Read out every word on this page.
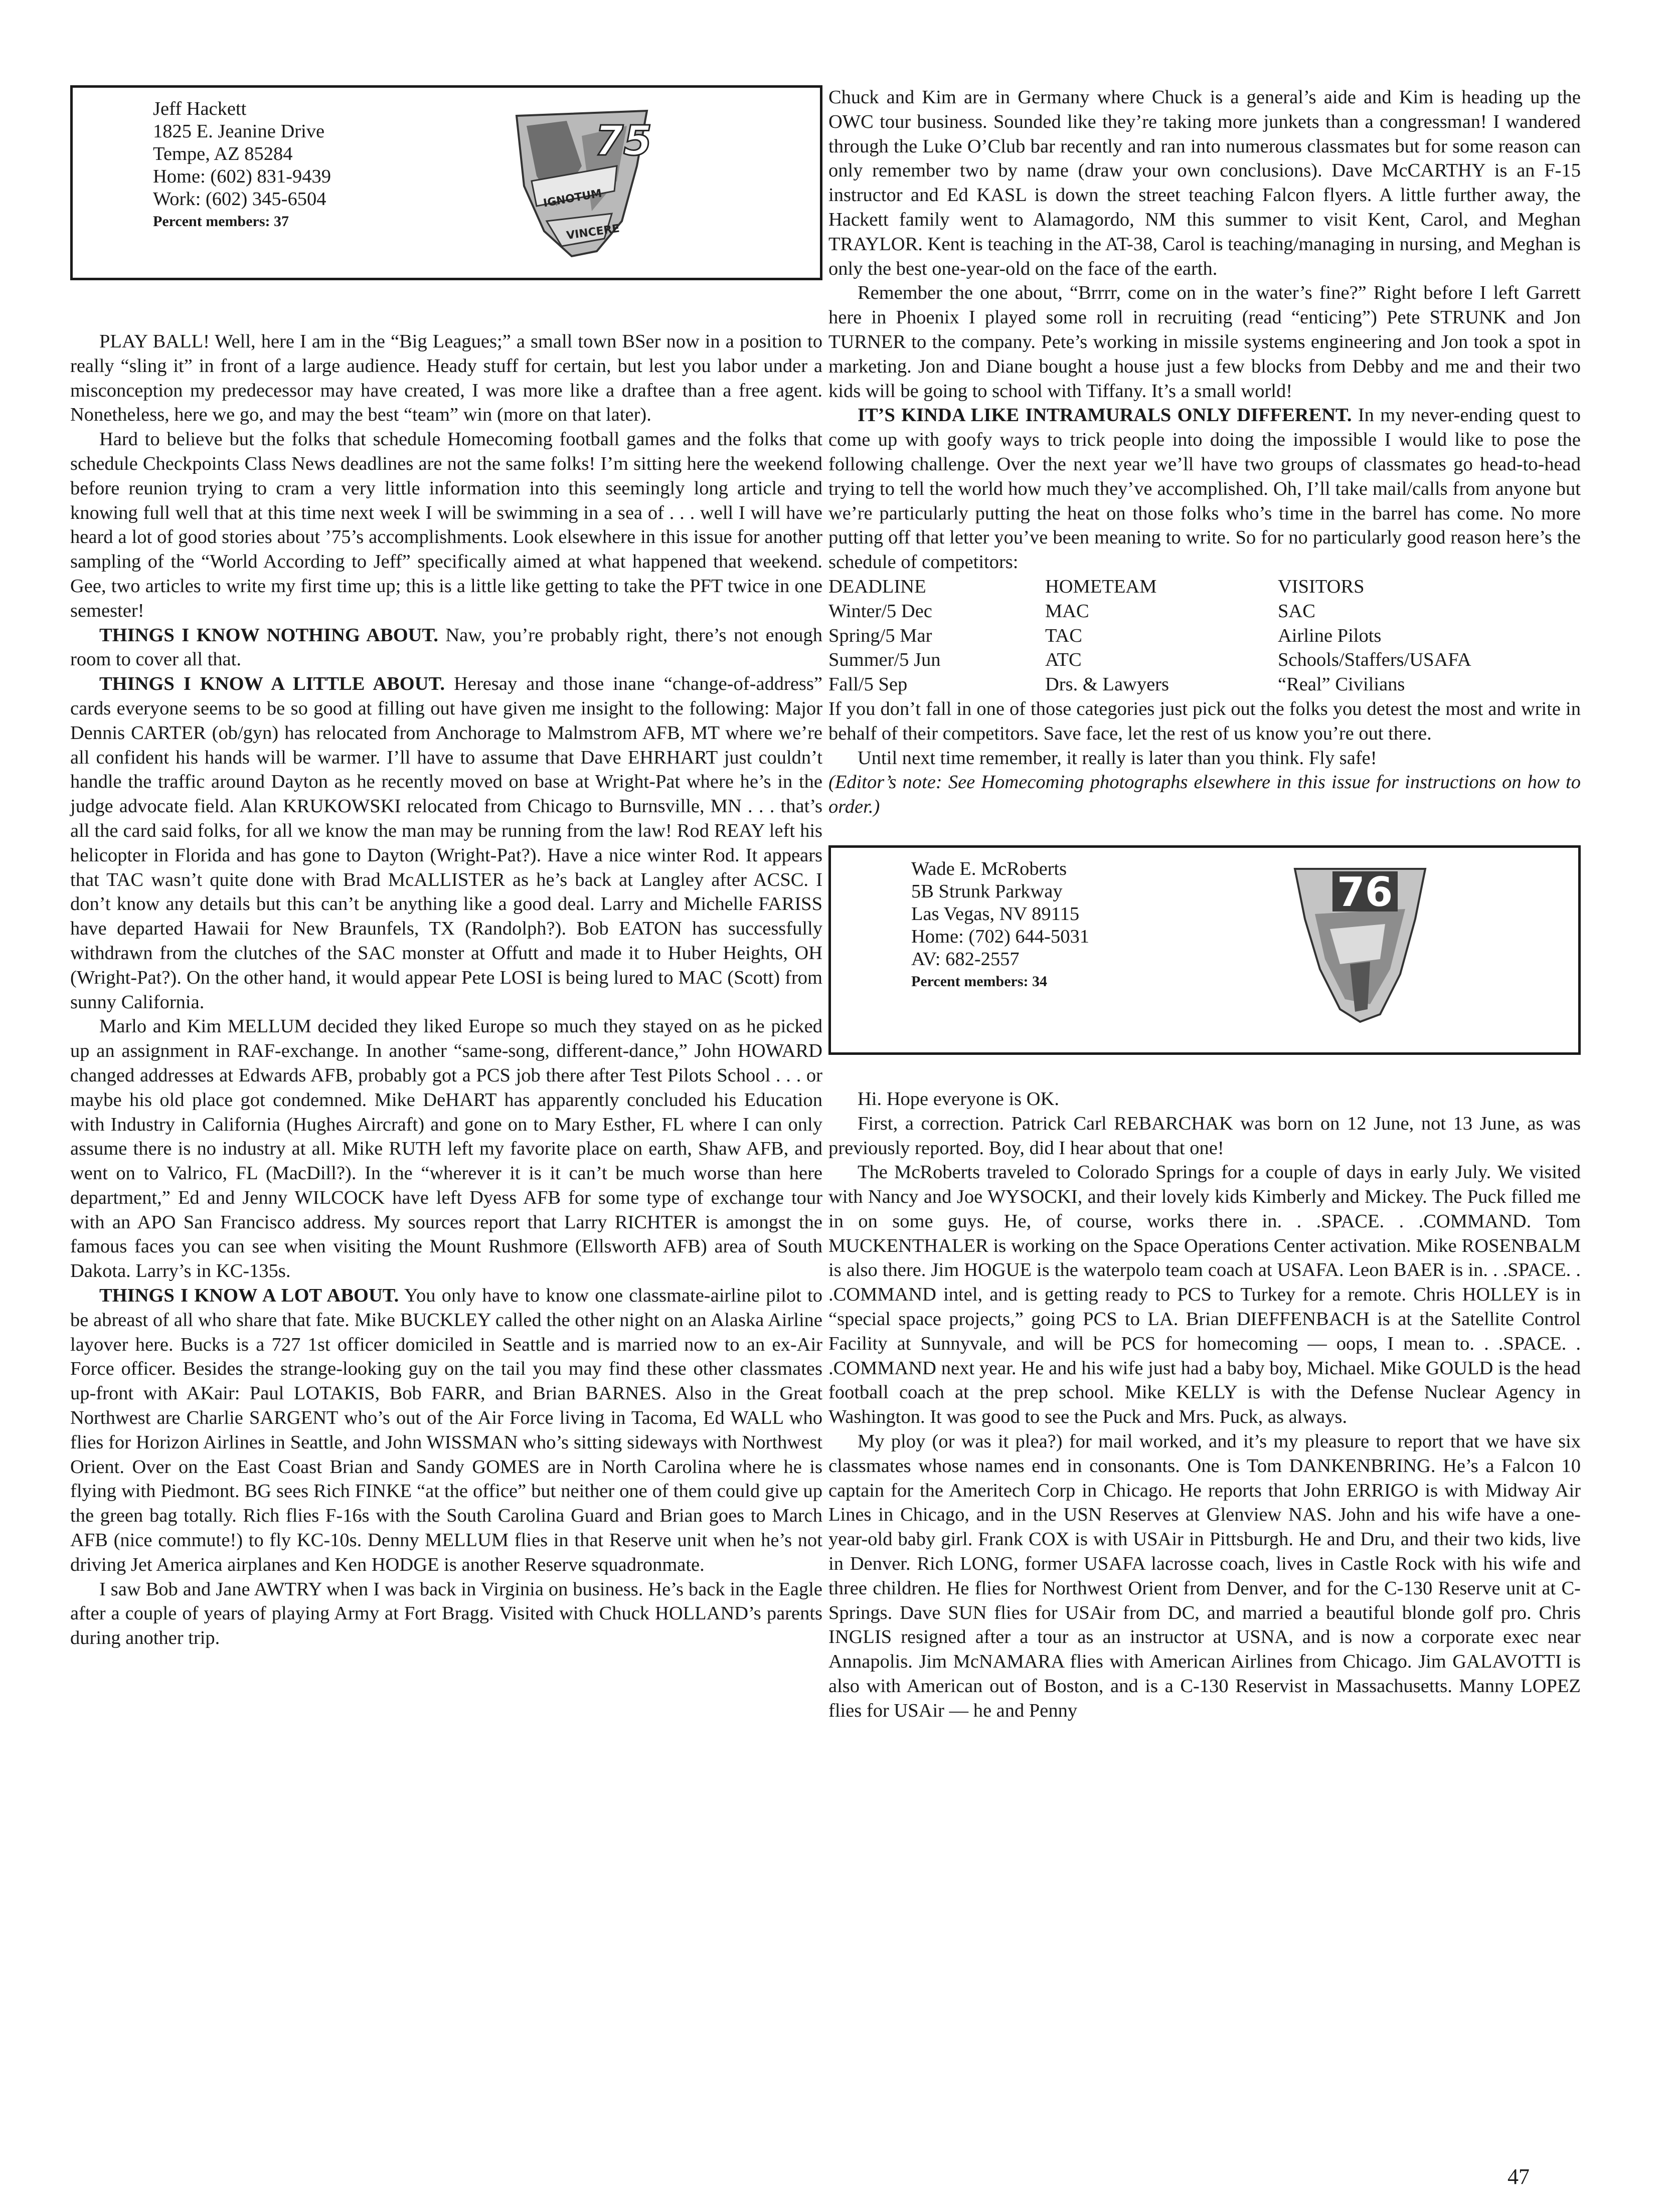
Jeff Hackett
1825 E. Jeanine Drive
Tempe, AZ 85284
Home: (602) 831-9439
Work: (602) 345-6504
Percent members: 37
75
IGNOTUM
VINCERE

PLAY BALL! Well, here I am in the “Big Leagues;” a small town BSer now in a position to really “sling it” in front of a large audience. Heady stuff for certain, but lest you labor under a misconception my predecessor may have created, I was more like a draftee than a free agent. Nonetheless, here we go, and may the best “team” win (more on that later).

Hard to believe but the folks that schedule Homecoming football games and the folks that schedule Checkpoints Class News deadlines are not the same folks! I’m sitting here the weekend before reunion trying to cram a very little information into this seemingly long article and knowing full well that at this time next week I will be swimming in a sea of . . . well I will have heard a lot of good stories about ’75’s accomplishments. Look elsewhere in this issue for another sampling of the “World According to Jeff” specifically aimed at what happened that weekend. Gee, two articles to write my first time up; this is a little like getting to take the PFT twice in one semester!

THINGS I KNOW NOTHING ABOUT. Naw, you’re probably right, there’s not enough room to cover all that.

THINGS I KNOW A LITTLE ABOUT. Heresay and those inane “change-of-address” cards everyone seems to be so good at filling out have given me insight to the following: Major Dennis CARTER (ob/gyn) has relocated from Anchorage to Malmstrom AFB, MT where we’re all confident his hands will be warmer. I’ll have to assume that Dave EHRHART just couldn’t handle the traffic around Dayton as he recently moved on base at Wright-Pat where he’s in the judge advocate field. Alan KRUKOWSKI relocated from Chicago to Burnsville, MN . . . that’s all the card said folks, for all we know the man may be running from the law! Rod REAY left his helicopter in Florida and has gone to Dayton (Wright-Pat?). Have a nice winter Rod. It appears that TAC wasn’t quite done with Brad McALLISTER as he’s back at Langley after ACSC. I don’t know any details but this can’t be anything like a good deal. Larry and Michelle FARISS have departed Hawaii for New Braunfels, TX (Randolph?). Bob EATON has successfully withdrawn from the clutches of the SAC monster at Offutt and made it to Huber Heights, OH (Wright-Pat?). On the other hand, it would appear Pete LOSI is being lured to MAC (Scott) from sunny California.

Marlo and Kim MELLUM decided they liked Europe so much they stayed on as he picked up an assignment in RAF-exchange. In another “same-song, different-dance,” John HOWARD changed addresses at Edwards AFB, probably got a PCS job there after Test Pilots School . . . or maybe his old place got condemned. Mike DeHART has apparently concluded his Education with Industry in California (Hughes Aircraft) and gone on to Mary Esther, FL where I can only assume there is no industry at all. Mike RUTH left my favorite place on earth, Shaw AFB, and went on to Valrico, FL (MacDill?). In the “wherever it is it can’t be much worse than here department,” Ed and Jenny WILCOCK have left Dyess AFB for some type of exchange tour with an APO San Francisco address. My sources report that Larry RICHTER is amongst the famous faces you can see when visiting the Mount Rushmore (Ellsworth AFB) area of South Dakota. Larry’s in KC-135s.

THINGS I KNOW A LOT ABOUT. You only have to know one classmate-airline pilot to be abreast of all who share that fate. Mike BUCKLEY called the other night on an Alaska Airline layover here. Bucks is a 727 1st officer domiciled in Seattle and is married now to an ex-Air Force officer. Besides the strange-looking guy on the tail you may find these other classmates up-front with AKair: Paul LOTAKIS, Bob FARR, and Brian BARNES. Also in the Great Northwest are Charlie SARGENT who’s out of the Air Force living in Tacoma, Ed WALL who flies for Horizon Airlines in Seattle, and John WISSMAN who’s sitting sideways with Northwest Orient. Over on the East Coast Brian and Sandy GOMES are in North Carolina where he is flying with Piedmont. BG sees Rich FINKE “at the office” but neither one of them could give up the green bag totally. Rich flies F-16s with the South Carolina Guard and Brian goes to March AFB (nice commute!) to fly KC-10s. Denny MELLUM flies in that Reserve unit when he’s not driving Jet America airplanes and Ken HODGE is another Reserve squadronmate.

I saw Bob and Jane AWTRY when I was back in Virginia on business. He’s back in the Eagle after a couple of years of playing Army at Fort Bragg. Visited with Chuck HOLLAND’s parents during another trip.

Chuck and Kim are in Germany where Chuck is a general’s aide and Kim is heading up the OWC tour business. Sounded like they’re taking more junkets than a congressman! I wandered through the Luke O’Club bar recently and ran into numerous classmates but for some reason can only remember two by name (draw your own conclusions). Dave McCARTHY is an F-15 instructor and Ed KASL is down the street teaching Falcon flyers. A little further away, the Hackett family went to Alamagordo, NM this summer to visit Kent, Carol, and Meghan TRAYLOR. Kent is teaching in the AT-38, Carol is teaching/managing in nursing, and Meghan is only the best one-year-old on the face of the earth.

Remember the one about, “Brrrr, come on in the water’s fine?” Right before I left Garrett here in Phoenix I played some roll in recruiting (read “enticing”) Pete STRUNK and Jon TURNER to the company. Pete’s working in missile systems engineering and Jon took a spot in marketing. Jon and Diane bought a house just a few blocks from Debby and me and their two kids will be going to school with Tiffany. It’s a small world!

IT’S KINDA LIKE INTRAMURALS ONLY DIFFERENT. In my never-ending quest to come up with goofy ways to trick people into doing the impossible I would like to pose the following challenge. Over the next year we’ll have two groups of classmates go head-to-head trying to tell the world how much they’ve accomplished. Oh, I’ll take mail/calls from anyone but we’re particularly putting the heat on those folks who’s time in the barrel has come. No more putting off that letter you’ve been meaning to write. So for no particularly good reason here’s the schedule of competitors:

DEADLINE	HOMETEAM	VISITORS
Winter/5 Dec	MAC	SAC
Spring/5 Mar	TAC	Airline Pilots
Summer/5 Jun	ATC	Schools/Staffers/USAFA
Fall/5 Sep	Drs. & Lawyers	“Real” Civilians

If you don’t fall in one of those categories just pick out the folks you detest the most and write in behalf of their competitors. Save face, let the rest of us know you’re out there.

Until next time remember, it really is later than you think. Fly safe!

(Editor’s note: See Homecoming photographs elsewhere in this issue for instructions on how to order.)

Wade E. McRoberts
5B Strunk Parkway
Las Vegas, NV 89115
Home: (702) 644-5031
AV: 682-2557
Percent members: 34
76

Hi. Hope everyone is OK.

First, a correction. Patrick Carl REBARCHAK was born on 12 June, not 13 June, as was previously reported. Boy, did I hear about that one!

The McRoberts traveled to Colorado Springs for a couple of days in early July. We visited with Nancy and Joe WYSOCKI, and their lovely kids Kimberly and Mickey. The Puck filled me in on some guys. He, of course, works there in. . .SPACE. . .COMMAND. Tom MUCKENTHALER is working on the Space Operations Center activation. Mike ROSENBALM is also there. Jim HOGUE is the waterpolo team coach at USAFA. Leon BAER is in. . .SPACE. . .COMMAND intel, and is getting ready to PCS to Turkey for a remote. Chris HOLLEY is in “special space projects,” going PCS to LA. Brian DIEFFENBACH is at the Satellite Control Facility at Sunnyvale, and will be PCS for homecoming — oops, I mean to. . .SPACE. . .COMMAND next year. He and his wife just had a baby boy, Michael. Mike GOULD is the head football coach at the prep school. Mike KELLY is with the Defense Nuclear Agency in Washington. It was good to see the Puck and Mrs. Puck, as always.

My ploy (or was it plea?) for mail worked, and it’s my pleasure to report that we have six classmates whose names end in consonants. One is Tom DANKENBRING. He’s a Falcon 10 captain for the Ameritech Corp in Chicago. He reports that John ERRIGO is with Midway Air Lines in Chicago, and in the USN Reserves at Glenview NAS. John and his wife have a one-year-old baby girl. Frank COX is with USAir in Pittsburgh. He and Dru, and their two kids, live in Denver. Rich LONG, former USAFA lacrosse coach, lives in Castle Rock with his wife and three children. He flies for Northwest Orient from Denver, and for the C-130 Reserve unit at C-Springs. Dave SUN flies for USAir from DC, and married a beautiful blonde golf pro. Chris INGLIS resigned after a tour as an instructor at USNA, and is now a corporate exec near Annapolis. Jim McNAMARA flies with American Airlines from Chicago. Jim GALAVOTTI is also with American out of Boston, and is a C-130 Reservist in Massachusetts. Manny LOPEZ flies for USAir — he and Penny

47
